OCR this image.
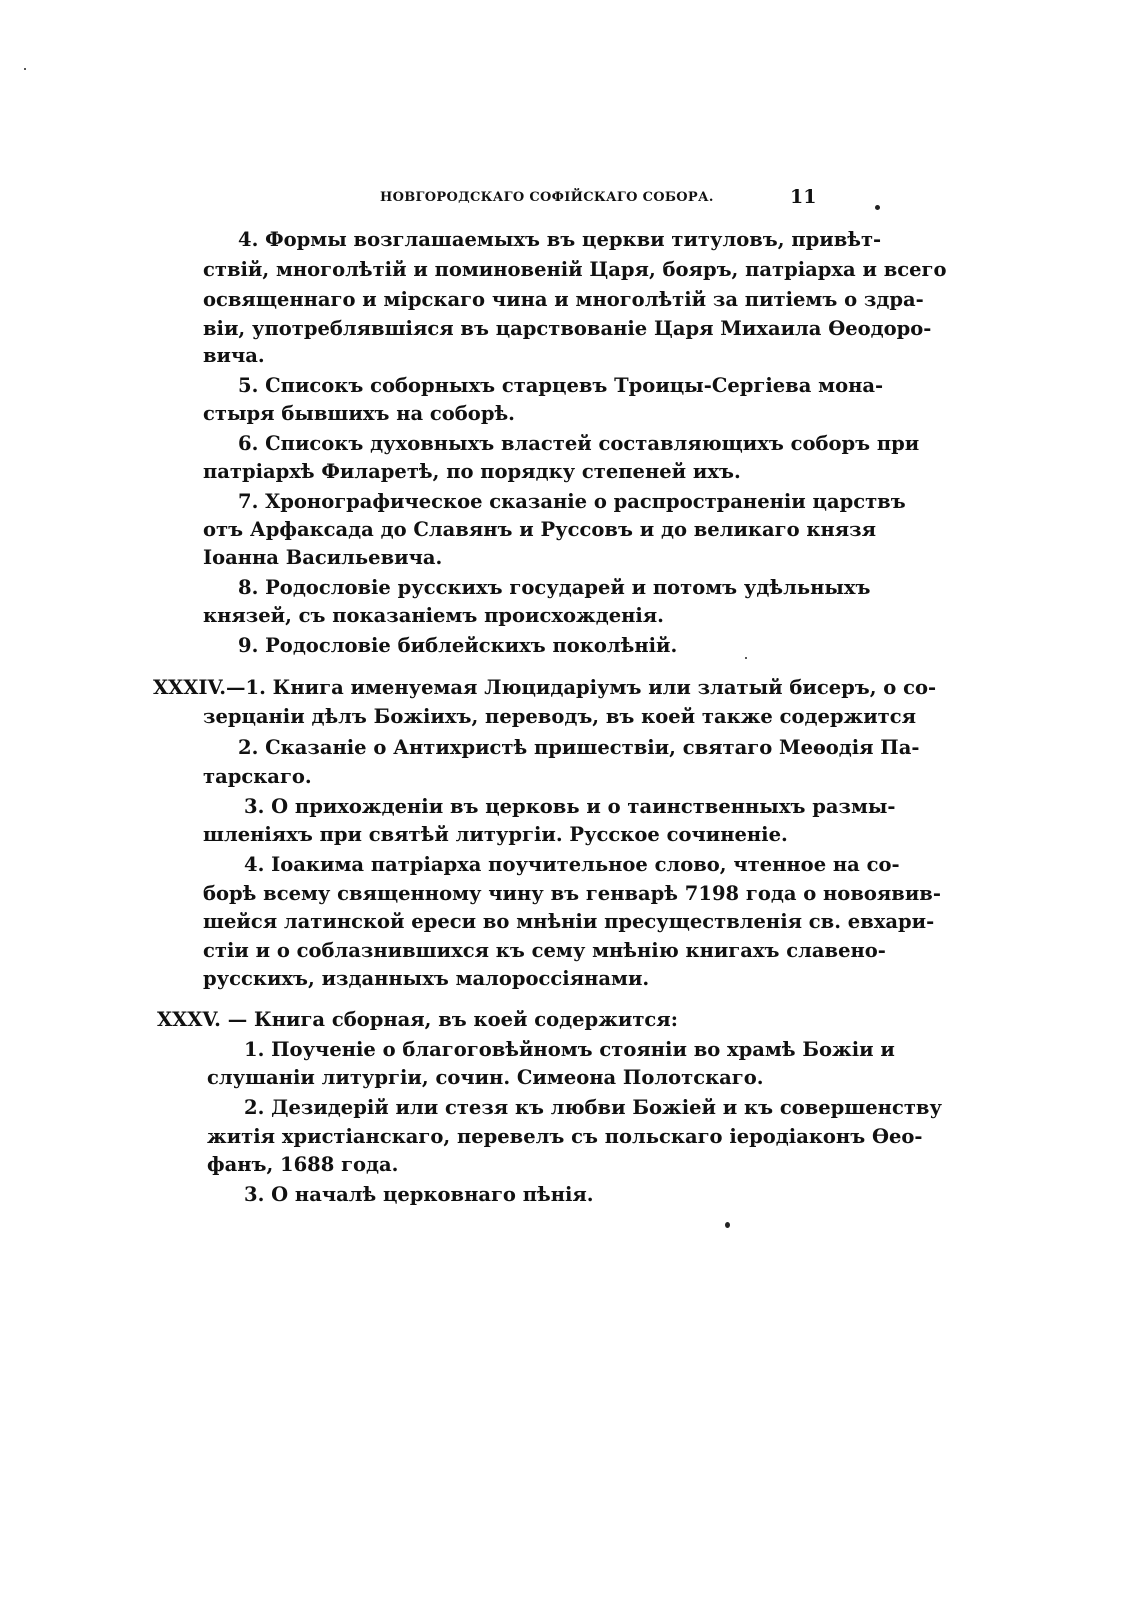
НОВГОРОДСКАГО СОФІЙСКАГО СОБОРА.	11
4. Формы возглашаемыхъ въ церкви титуловъ, привѣт-
ствій, многолѣтій и поминовеній Царя, бояръ, патріарха и всего
освященнаго и мірскаго чина и многолѣтій за питіемъ о здра-
віи, употреблявшіяся въ царствованіе Царя Михаила Ѳеодоро-
вича.
5. Списокъ соборныхъ старцевъ Троицы-Сергіева мона-
стыря бывшихъ на соборѣ.
6. Списокъ духовныхъ властей составляющихъ соборъ при
патріархѣ Филаретѣ, по порядку степеней ихъ.
7. Хронографическое сказаніе о распространеніи царствъ
отъ Арфаксада до Славянъ и Руссовъ и до великаго князя
Іоанна Васильевича.
8. Родословіе русскихъ государей и потомъ удѣльныхъ
князей, съ показаніемъ происхожденія.
9. Родословіе библейскихъ поколѣній.
XXXIV.—1. Книга именуемая Люцидаріумъ или златый бисеръ, о со-
зерцаніи дѣлъ Божіихъ, переводъ, въ коей также содержится
2. Сказаніе о Антихристѣ пришествіи, святаго Меѳодія Па-
тарскаго.
3. О прихожденіи въ церковь и о таинственныхъ размы-
шленіяхъ при святѣй литургіи. Русское сочиненіе.
4. Іоакима патріарха поучительное слово, чтенное на со-
борѣ всему священному чину въ генварѣ 7198 года о новоявив-
шейся латинской ереси во мнѣніи пресуществленія св. евхари-
стіи и о соблазнившихся къ сему мнѣнію книгахъ славено-
русскихъ, изданныхъ малороссіянами.
XXXV. — Книга сборная, въ коей содержится:
1. Поученіе о благоговѣйномъ стояніи во храмѣ Божіи и
слушаніи литургіи, сочин. Симеона Полотскаго.
2. Дезидерій или стезя къ любви Божіей и къ совершенству
житія христіанскаго, перевелъ съ польскаго іеродіаконъ Ѳео-
фанъ, 1688 года.
3. О началѣ церковнаго пѣнія.
